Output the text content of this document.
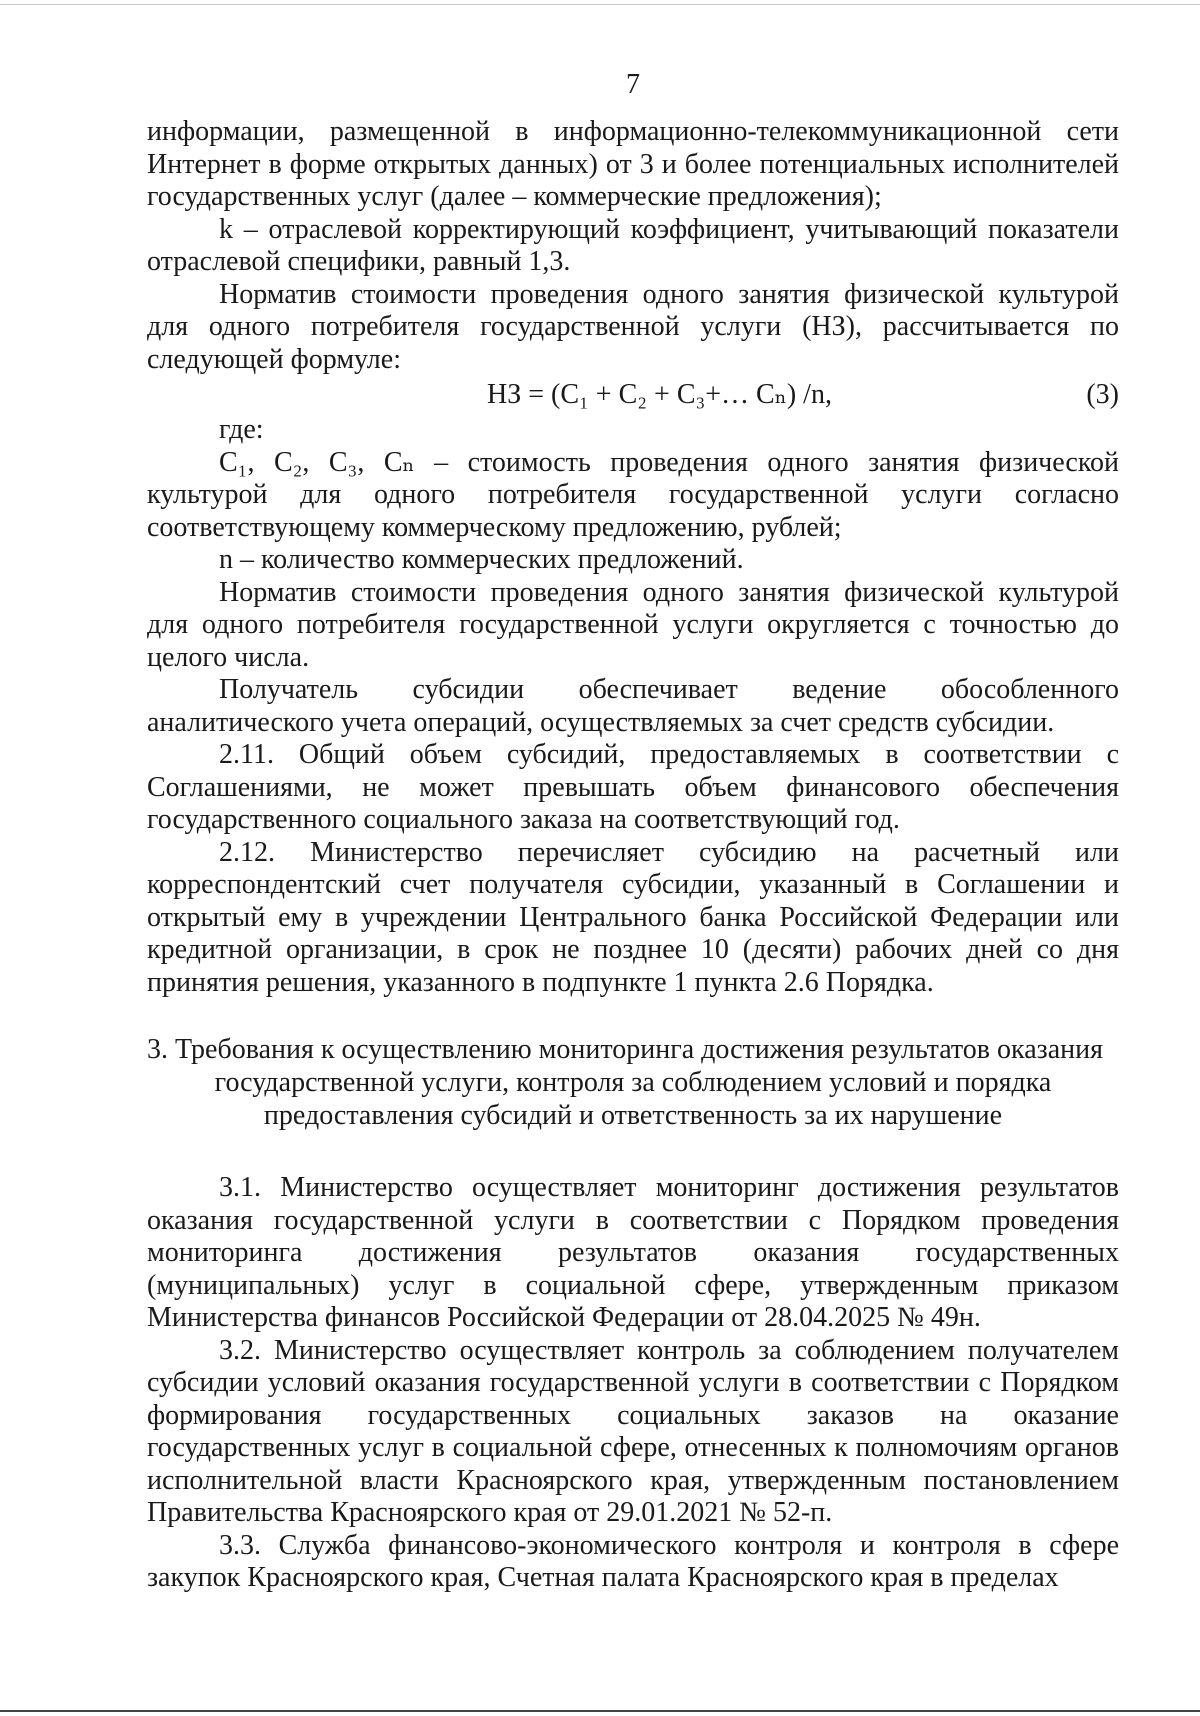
7

информации, размещенной в информационно-телекоммуникационной сети Интернет в форме открытых данных) от 3 и более потенциальных исполнителей государственных услуг (далее – коммерческие предложения);

k – отраслевой корректирующий коэффициент, учитывающий показатели отраслевой специфики, равный 1,3.

Норматив стоимости проведения одного занятия физической культурой для одного потребителя государственной услуги (НЗ), рассчитывается по следующей формуле:

НЗ = (C₁ + C₂ + C₃+… Cₙ) /n,	(3)

где:

C₁, C₂, C₃, Cₙ – стоимость проведения одного занятия физической культурой для одного потребителя государственной услуги согласно соответствующему коммерческому предложению, рублей;

n – количество коммерческих предложений.

Норматив стоимости проведения одного занятия физической культурой для одного потребителя государственной услуги округляется с точностью до целого числа.

Получатель субсидии обеспечивает ведение обособленного аналитического учета операций, осуществляемых за счет средств субсидии.

2.11. Общий объем субсидий, предоставляемых в соответствии с Соглашениями, не может превышать объем финансового обеспечения государственного социального заказа на соответствующий год.

2.12. Министерство перечисляет субсидию на расчетный или корреспондентский счет получателя субсидии, указанный в Соглашении и открытый ему в учреждении Центрального банка Российской Федерации или кредитной организации, в срок не позднее 10 (десяти) рабочих дней со дня принятия решения, указанного в подпункте 1 пункта 2.6 Порядка.

3. Требования к осуществлению мониторинга достижения результатов оказания
государственной услуги, контроля за соблюдением условий и порядка
предоставления субсидий и ответственность за их нарушение

3.1. Министерство осуществляет мониторинг достижения результатов оказания государственной услуги в соответствии с Порядком проведения мониторинга достижения результатов оказания государственных (муниципальных) услуг в социальной сфере, утвержденным приказом Министерства финансов Российской Федерации от 28.04.2025 № 49н.

3.2. Министерство осуществляет контроль за соблюдением получателем субсидии условий оказания государственной услуги в соответствии с Порядком формирования государственных социальных заказов на оказание государственных услуг в социальной сфере, отнесенных к полномочиям органов исполнительной власти Красноярского края, утвержденным постановлением Правительства Красноярского края от 29.01.2021 № 52-п.

3.3. Служба финансово-экономического контроля и контроля в сфере закупок Красноярского края, Счетная палата Красноярского края в пределах
